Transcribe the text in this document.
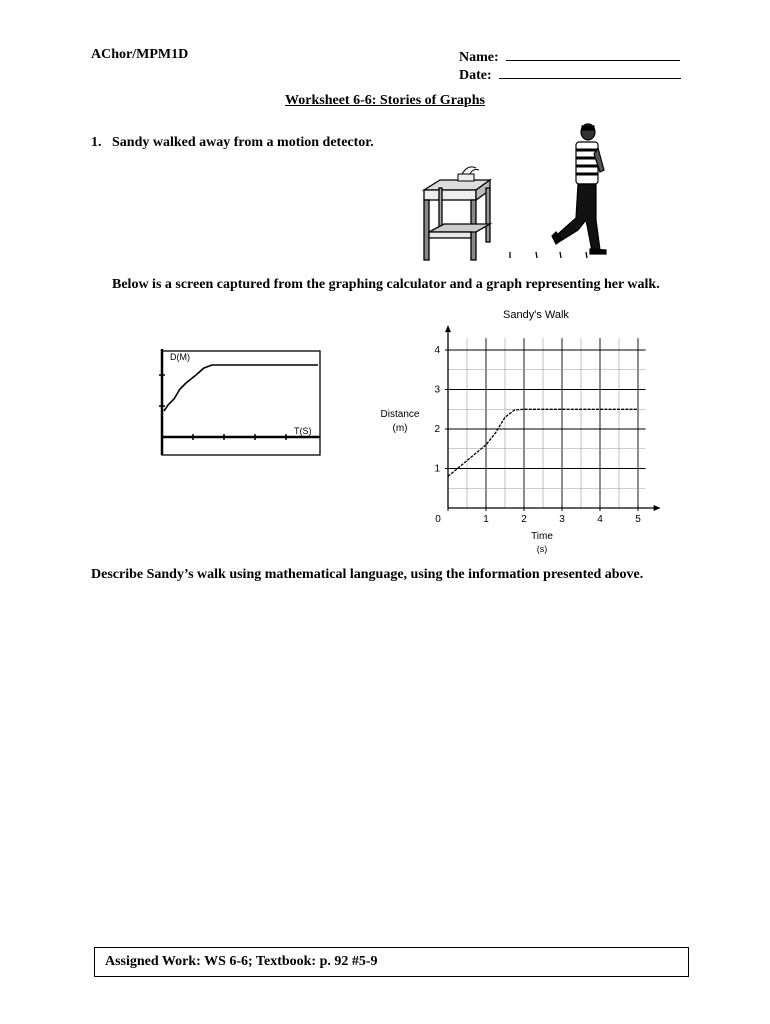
AChor/MPM1D	Name:
Date:
Worksheet 6-6: Stories of Graphs
1. Sandy walked away from a motion detector.
Below is a screen captured from the graphing calculator and a graph representing her walk.
D(M)
T(S)
Sandy's Walk
0	1	2	3	4	5
1
2
3
4
Distance
(m)
Time
(s)
Describe Sandy’s walk using mathematical language, using the information presented above.
Assigned Work: WS 6-6; Textbook: p. 92 #5-9
